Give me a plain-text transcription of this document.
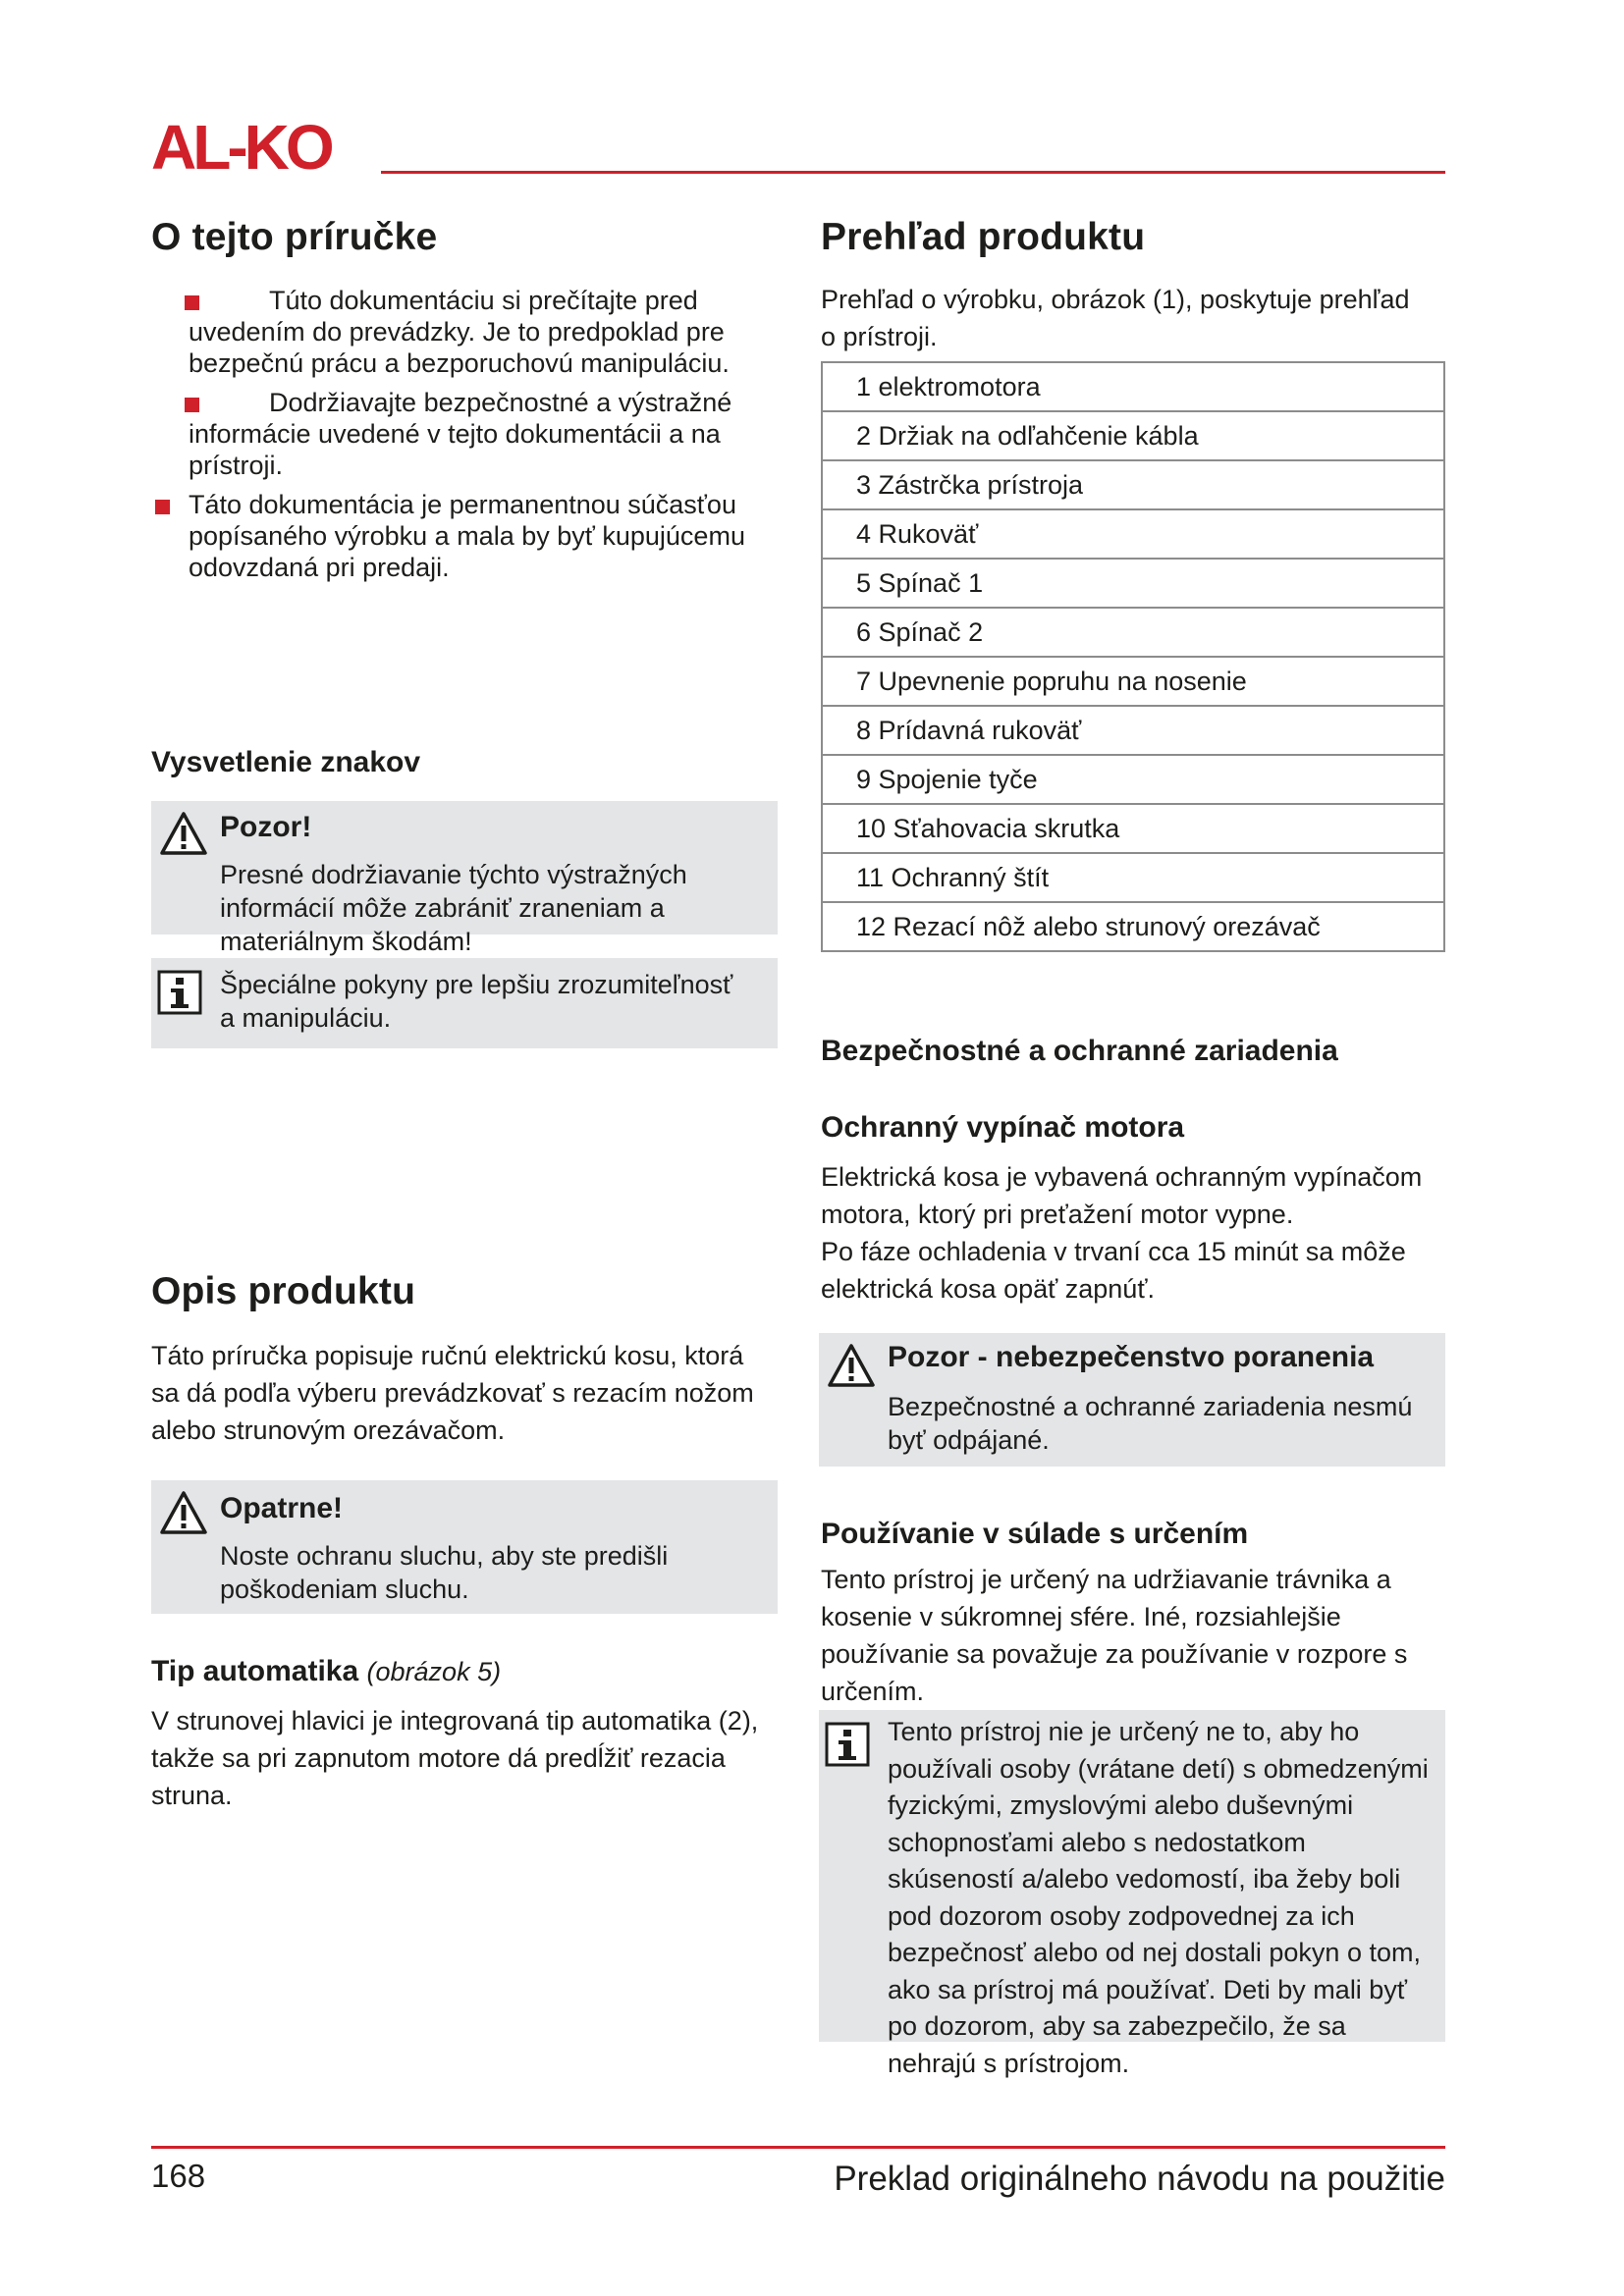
AL-KO
O tejto príručke
Túto dokumentáciu si prečítajte pred uvedením do prevádzky. Je to predpoklad pre bezpečnú prácu a bezporuchovú manipuláciu.
Dodržiavajte bezpečnostné a výstražné informácie uvedené v tejto dokumentácii a na prístroji.
Táto dokumentácia je permanentnou súčasťou popísaného výrobku a mala by byť kupujúcemu odovzdaná pri predaji.
Vysvetlenie znakov
Pozor!
Presné dodržiavanie týchto výstražných informácií môže zabrániť zraneniam a materiálnym škodám!
Špeciálne pokyny pre lepšiu zrozumiteľnosť a manipuláciu.
Opis produktu
Táto príručka popisuje ručnú elektrickú kosu, ktorá sa dá podľa výberu prevádzkovať s rezacím nožom alebo strunovým orezávačom.
Opatrne!
Noste ochranu sluchu, aby ste predišli poškodeniam sluchu.
Tip automatika (obrázok 5)
V strunovej hlavici je integrovaná tip automatika (2), takže sa pri zapnutom motore dá predĺžiť rezacia struna.
Prehľad produktu
Prehľad o výrobku, obrázok (1), poskytuje prehľad o prístroji.
1 elektromotora
2 Držiak na odľahčenie kábla
3 Zástrčka prístroja
4 Rukoväť
5 Spínač 1
6 Spínač 2
7 Upevnenie popruhu na nosenie
8 Prídavná rukoväť
9 Spojenie tyče
10 Sťahovacia skrutka
11 Ochranný štít
12 Rezací nôž alebo strunový orezávač
Bezpečnostné a ochranné zariadenia
Ochranný vypínač motora
Elektrická kosa je vybavená ochranným vypínačom motora, ktorý pri preťažení motor vypne.
Po fáze ochladenia v trvaní cca 15 minút sa môže elektrická kosa opäť zapnúť.
Pozor - nebezpečenstvo poranenia
Bezpečnostné a ochranné zariadenia nesmú byť odpájané.
Používanie v súlade s určením
Tento prístroj je určený na udržiavanie trávnika a kosenie v súkromnej sfére. Iné, rozsiahlejšie používanie sa považuje za používanie v rozpore s určením.
Tento prístroj nie je určený ne to, aby ho používali osoby (vrátane detí) s obmedzenými fyzickými, zmyslovými alebo duševnými schopnosťami alebo s nedostatkom skúseností a/alebo vedomostí, iba žeby boli pod dozorom osoby zodpovednej za ich bezpečnosť alebo od nej dostali pokyn o tom, ako sa prístroj má používať. Deti by mali byť po dozorom, aby sa zabezpečilo, že sa nehrajú s prístrojom.
168	Preklad originálneho návodu na použitie
